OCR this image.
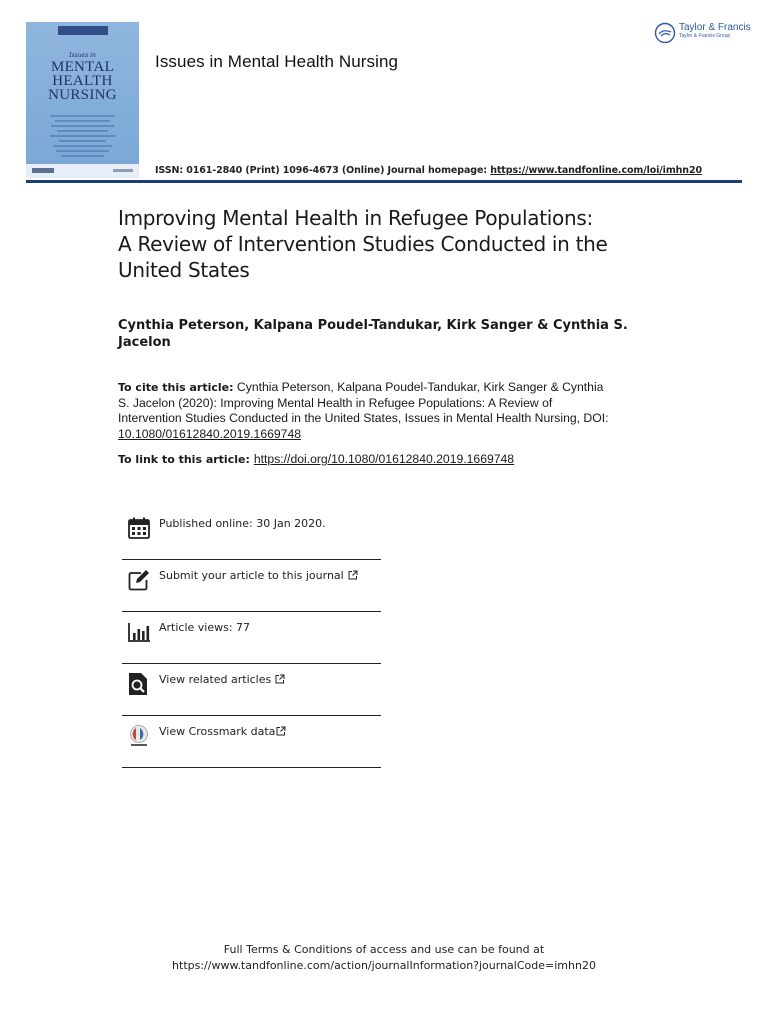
Issues in
MENTAL
HEALTH
NURSING
Issues in Mental Health Nursing
Taylor & Francis
Taylor & Francis Group
ISSN: 0161-2840 (Print) 1096-4673 (Online) Journal homepage: https://www.tandfonline.com/loi/imhn20
Improving Mental Health in Refugee Populations:
A Review of Intervention Studies Conducted in the
United States
Cynthia Peterson, Kalpana Poudel-Tandukar, Kirk Sanger & Cynthia S.
Jacelon
To cite this article: Cynthia Peterson, Kalpana Poudel-Tandukar, Kirk Sanger & Cynthia S. Jacelon (2020): Improving Mental Health in Refugee Populations: A Review of Intervention Studies Conducted in the United States, Issues in Mental Health Nursing, DOI:
10.1080/01612840.2019.1669748
To link to this article: https://doi.org/10.1080/01612840.2019.1669748
Published online: 30 Jan 2020.
Submit your article to this journal
Article views: 77
View related articles
View Crossmark data
Full Terms & Conditions of access and use can be found at
https://www.tandfonline.com/action/journalInformation?journalCode=imhn20
